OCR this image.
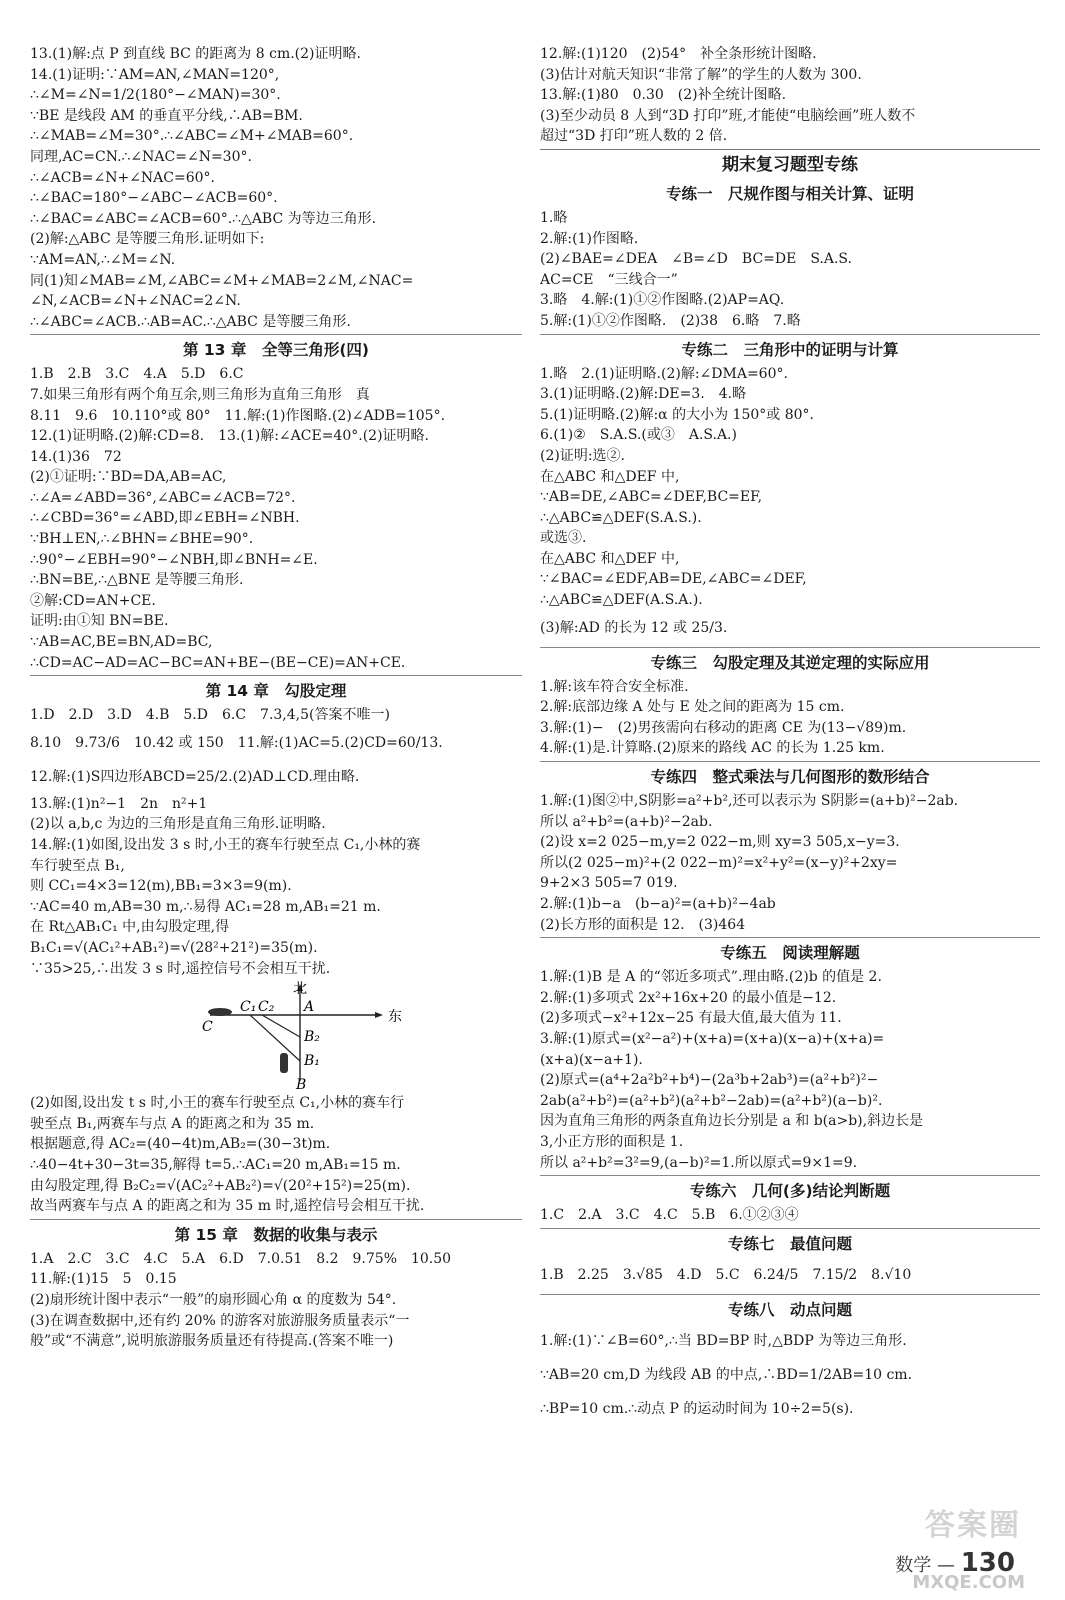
13.(1)解:点 P 到直线 BC 的距离为 8 cm.(2)证明略.
14.(1)证明:∵AM=AN,∠MAN=120°,
∴∠M=∠N=1/2(180°−∠MAN)=30°.
∵BE 是线段 AM 的垂直平分线,∴AB=BM.
∴∠MAB=∠M=30°.∴∠ABC=∠M+∠MAB=60°.
同理,AC=CN.∴∠NAC=∠N=30°.
∴∠ACB=∠N+∠NAC=60°.
∴∠BAC=180°−∠ABC−∠ACB=60°.
∴∠BAC=∠ABC=∠ACB=60°.∴△ABC 为等边三角形.
(2)解:△ABC 是等腰三角形.证明如下:
∵AM=AN,∴∠M=∠N.
同(1)知∠MAB=∠M,∠ABC=∠M+∠MAB=2∠M,∠NAC=
∠N,∠ACB=∠N+∠NAC=2∠N.
∴∠ABC=∠ACB.∴AB=AC.∴△ABC 是等腰三角形.
第 13 章　全等三角形(四)
1.B　2.B　3.C　4.A　5.D　6.C
7.如果三角形有两个角互余,则三角形为直角三角形　真
8.11　9.6　10.110°或 80°　11.解:(1)作图略.(2)∠ADB=105°.
12.(1)证明略.(2)解:CD=8.　13.(1)解:∠ACE=40°.(2)证明略.
14.(1)36　72
(2)①证明:∵BD=DA,AB=AC,
∴∠A=∠ABD=36°,∠ABC=∠ACB=72°.
∴∠CBD=36°=∠ABD,即∠EBH=∠NBH.
∵BH⊥EN,∴∠BHN=∠BHE=90°.
∴90°−∠EBH=90°−∠NBH,即∠BNH=∠E.
∴BN=BE,∴△BNE 是等腰三角形.
②解:CD=AN+CE.
证明:由①知 BN=BE.
∵AB=AC,BE=BN,AD=BC,
∴CD=AC−AD=AC−BC=AN+BE−(BE−CE)=AN+CE.
第 14 章　勾股定理
1.D　2.D　3.D　4.B　5.D　6.C　7.3,4,5(答案不唯一)
8.10　9.73/6　10.42 或 150　11.解:(1)AC=5.(2)CD=60/13.
12.解:(1)S四边形ABCD=25/2.(2)AD⊥CD.理由略.
13.解:(1)n²−1　2n　n²+1
(2)以 a,b,c 为边的三角形是直角三角形.证明略.
14.解:(1)如图,设出发 3 s 时,小王的赛车行驶至点 C₁,小林的赛
车行驶至点 B₁,
则 CC₁=4×3=12(m),BB₁=3×3=9(m).
∵AC=40 m,AB=30 m,∴易得 AC₁=28 m,AB₁=21 m.
在 Rt△AB₁C₁ 中,由勾股定理,得
B₁C₁=√(AC₁²+AB₁²)=√(28²+21²)=35(m).
∵35>25,∴出发 3 s 时,遥控信号不会相互干扰.
北
东
C
C₁ C₂ A
B₂
B₁
B
(2)如图,设出发 t s 时,小王的赛车行驶至点 C₁,小林的赛车行
驶至点 B₁,两赛车与点 A 的距离之和为 35 m.
根据题意,得 AC₂=(40−4t)m,AB₂=(30−3t)m.
∴40−4t+30−3t=35,解得 t=5.∴AC₁=20 m,AB₁=15 m.
由勾股定理,得 B₂C₂=√(AC₂²+AB₂²)=√(20²+15²)=25(m).
故当两赛车与点 A 的距离之和为 35 m 时,遥控信号会相互干扰.
第 15 章　数据的收集与表示
1.A　2.C　3.C　4.C　5.A　6.D　7.0.51　8.2　9.75%　10.50
11.解:(1)15　5　0.15
(2)扇形统计图中表示“一般”的扇形圆心角 α 的度数为 54°.
(3)在调查数据中,还有约 20% 的游客对旅游服务质量表示“一
般”或“不满意”,说明旅游服务质量还有待提高.(答案不唯一)
12.解:(1)120　(2)54°　补全条形统计图略.
(3)估计对航天知识“非常了解”的学生的人数为 300.
13.解:(1)80　0.30　(2)补全统计图略.
(3)至少动员 8 人到“3D 打印”班,才能使“电脑绘画”班人数不
超过“3D 打印”班人数的 2 倍.
期末复习题型专练
专练一　尺规作图与相关计算、证明
1.略
2.解:(1)作图略.
(2)∠BAE=∠DEA　∠B=∠D　BC=DE　S.A.S.
AC=CE　“三线合一”
3.略　4.解:(1)①②作图略.(2)AP=AQ.
5.解:(1)①②作图略.　(2)38　6.略　7.略
专练二　三角形中的证明与计算
1.略　2.(1)证明略.(2)解:∠DMA=60°.
3.(1)证明略.(2)解:DE=3.　4.略
5.(1)证明略.(2)解:α 的大小为 150°或 80°.
6.(1)②　S.A.S.(或③　A.S.A.)
(2)证明:选②.
在△ABC 和△DEF 中,
∵AB=DE,∠ABC=∠DEF,BC=EF,
∴△ABC≌△DEF(S.A.S.).
或选③.
在△ABC 和△DEF 中,
∵∠BAC=∠EDF,AB=DE,∠ABC=∠DEF,
∴△ABC≌△DEF(A.S.A.).
(3)解:AD 的长为 12 或 25/3.
专练三　勾股定理及其逆定理的实际应用
1.解:该车符合安全标准.
2.解:底部边缘 A 处与 E 处之间的距离为 15 cm.
3.解:(1)−　(2)男孩需向右移动的距离 CE 为(13−√89)m.
4.解:(1)是.计算略.(2)原来的路线 AC 的长为 1.25 km.
专练四　整式乘法与几何图形的数形结合
1.解:(1)图②中,S阴影=a²+b²,还可以表示为 S阴影=(a+b)²−2ab.
所以 a²+b²=(a+b)²−2ab.
(2)设 x=2 025−m,y=2 022−m,则 xy=3 505,x−y=3.
所以(2 025−m)²+(2 022−m)²=x²+y²=(x−y)²+2xy=
9+2×3 505=7 019.
2.解:(1)b−a　(b−a)²=(a+b)²−4ab
(2)长方形的面积是 12.　(3)464
专练五　阅读理解题
1.解:(1)B 是 A 的“邻近多项式”.理由略.(2)b 的值是 2.
2.解:(1)多项式 2x²+16x+20 的最小值是−12.
(2)多项式−x²+12x−25 有最大值,最大值为 11.
3.解:(1)原式=(x²−a²)+(x+a)=(x+a)(x−a)+(x+a)=
(x+a)(x−a+1).
(2)原式=(a⁴+2a²b²+b⁴)−(2a³b+2ab³)=(a²+b²)²−
2ab(a²+b²)=(a²+b²)(a²+b²−2ab)=(a²+b²)(a−b)².
因为直角三角形的两条直角边长分别是 a 和 b(a>b),斜边长是
3,小正方形的面积是 1.
所以 a²+b²=3²=9,(a−b)²=1.所以原式=9×1=9.
专练六　几何(多)结论判断题
1.C　2.A　3.C　4.C　5.B　6.①②③④
专练七　最值问题
1.B　2.25　3.√85　4.D　5.C　6.24/5　7.15/2　8.√10
专练八　动点问题
1.解:(1)∵∠B=60°,∴当 BD=BP 时,△BDP 为等边三角形.
∵AB=20 cm,D 为线段 AB 的中点,∴BD=1/2AB=10 cm.
∴BP=10 cm.∴动点 P 的运动时间为 10÷2=5(s).
答案圈
数学 — 130
MXQE.COM
